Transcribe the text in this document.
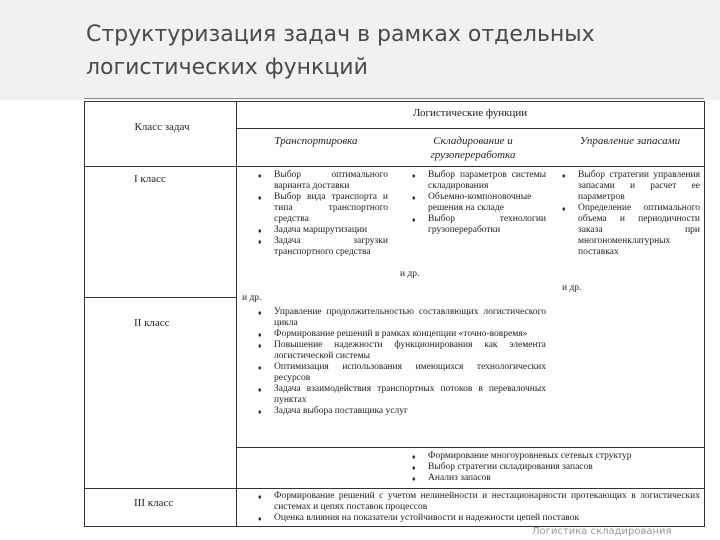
Структуризация задач в рамках отдельных логистических функций
Класс задач
Логистические функции
Транспортировка	Складирование и грузопереработка
Управление запасами
I класс
II класс
III класс
♦ Выбор оптимального варианта доставки
♦ Выбор вида транспорта и типа транспортного средства
♦ Задача маршрутизации
♦ Задача загрузки транспортного средства
и др.
♦ Выбор параметров системы складирования
♦ Объемно-компоновочные решения на складе
♦ Выбор технологии грузопереработки
и др.
♦ Выбор стратегии управления запасами и расчет ее параметров
♦ Определение оптимального объема и периодичности заказа при многономенклатурных поставках
и др.
♦ Управление продолжительностью составляющих логистического цикла
♦ Формирование решений в рамках концепции «точно-вовремя»
♦ Повышение надежности функционирования как элемента логистической системы
♦ Оптимизация использования имеющихся технологических ресурсов
♦ Задача взаимодействия транспортных потоков в перевалочных пунктах
♦ Задача выбора поставщика услуг
♦ Формирование многоуровневых сетевых структур
♦ Выбор стратегии складирования запасов
♦ Анализ запасов
♦ Формирование решений с учетом нелинейности и нестационарности протекающих в логистических системах и цепях поставок процессов
♦ Оценка влияния на показатели устойчивости и надежности цепей поставок
Логистика складирования
